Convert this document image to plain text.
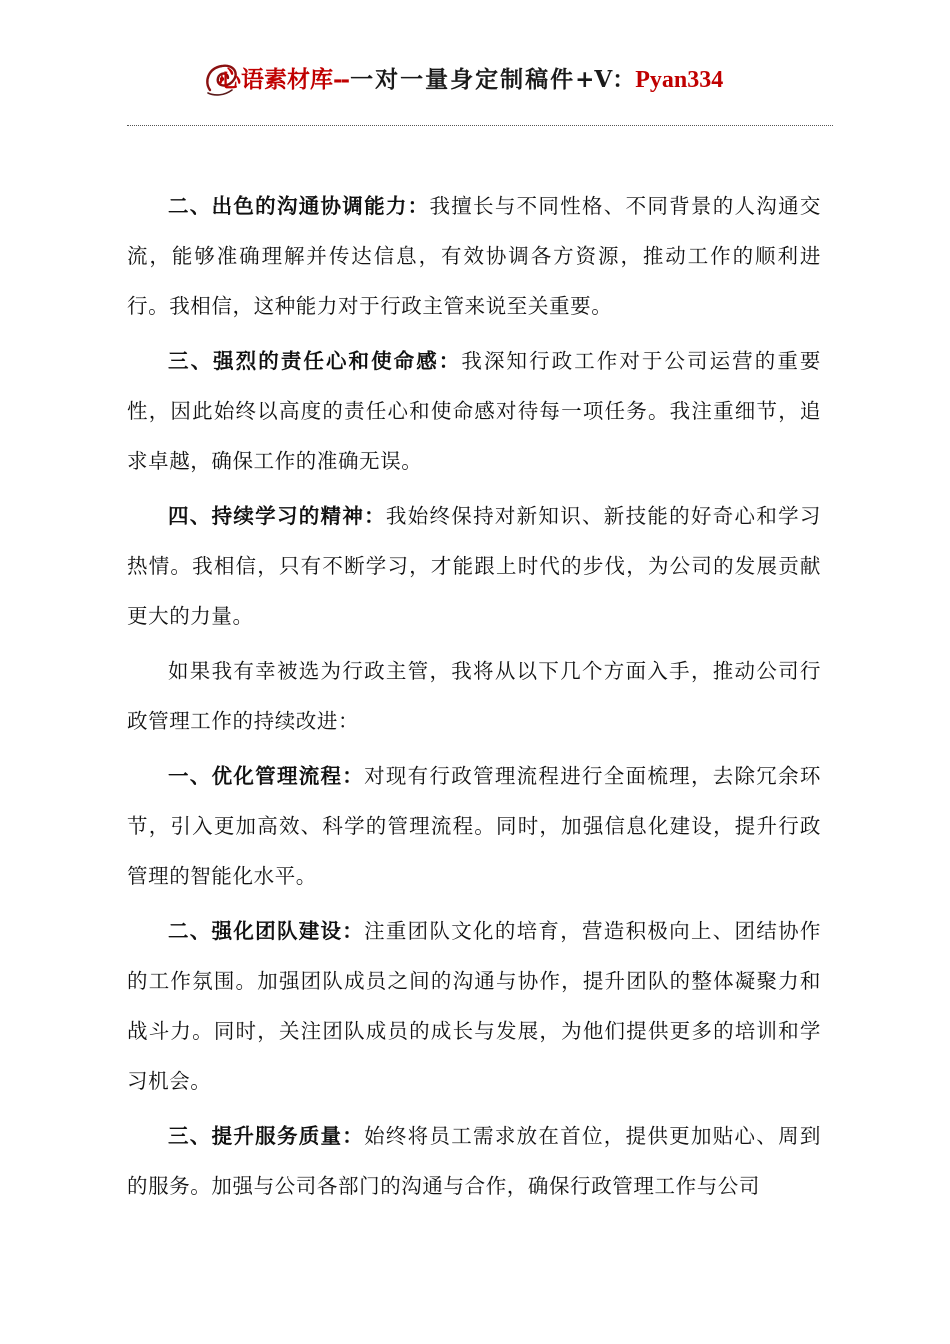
心语素材库--一对一量身定制稿件+V：Pyan334

二、出色的沟通协调能力：我擅长与不同性格、不同背景的人沟通交流，能够准确理解并传达信息，有效协调各方资源，推动工作的顺利进行。我相信，这种能力对于行政主管来说至关重要。

三、强烈的责任心和使命感：我深知行政工作对于公司运营的重要性，因此始终以高度的责任心和使命感对待每一项任务。我注重细节，追求卓越，确保工作的准确无误。

四、持续学习的精神：我始终保持对新知识、新技能的好奇心和学习热情。我相信，只有不断学习，才能跟上时代的步伐，为公司的发展贡献更大的力量。

如果我有幸被选为行政主管，我将从以下几个方面入手，推动公司行政管理工作的持续改进：

一、优化管理流程：对现有行政管理流程进行全面梳理，去除冗余环节，引入更加高效、科学的管理流程。同时，加强信息化建设，提升行政管理的智能化水平。

二、强化团队建设：注重团队文化的培育，营造积极向上、团结协作的工作氛围。加强团队成员之间的沟通与协作，提升团队的整体凝聚力和战斗力。同时，关注团队成员的成长与发展，为他们提供更多的培训和学习机会。

三、提升服务质量：始终将员工需求放在首位，提供更加贴心、周到的服务。加强与公司各部门的沟通与合作，确保行政管理工作与公司
